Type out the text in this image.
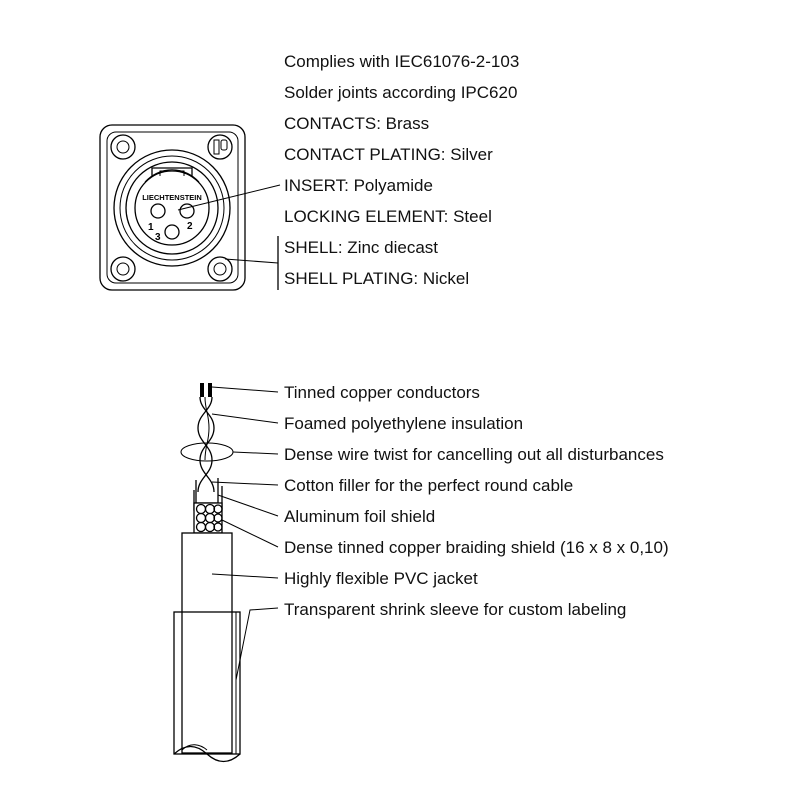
LIECHTENSTEIN
1	2
3
Complies with IEC61076-2-103
Solder joints according IPC620
CONTACTS: Brass
CONTACT PLATING: Silver
INSERT: Polyamide
LOCKING ELEMENT: Steel
SHELL: Zinc diecast
SHELL PLATING: Nickel
Tinned copper conductors
Foamed polyethylene insulation
Dense wire twist for cancelling out all disturbances
Cotton filler for the perfect round cable
Aluminum foil shield
Dense tinned copper braiding shield (16 x 8 x 0,10)
Highly flexible PVC jacket
Transparent shrink sleeve for custom labeling
